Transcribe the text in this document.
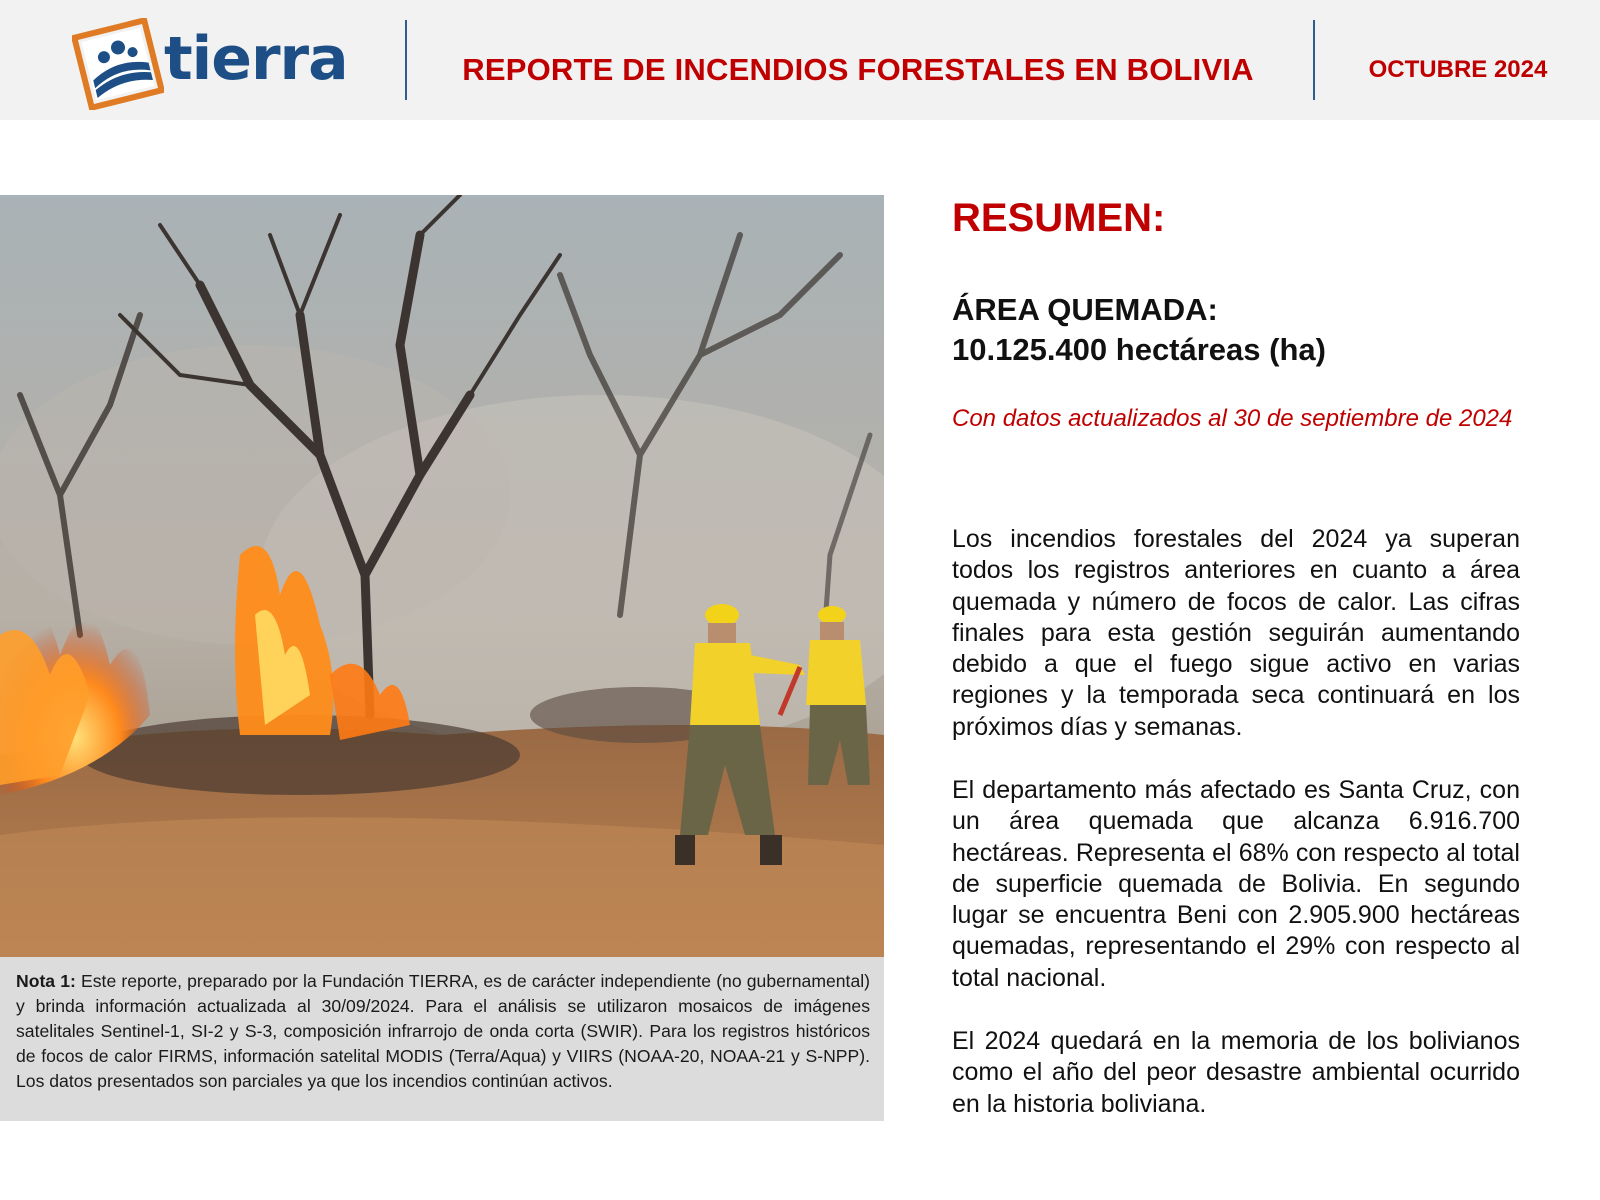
tierra	REPORTE DE INCENDIOS FORESTALES EN BOLIVIA	OCTUBRE 2024
Nota 1: Este reporte, preparado por la Fundación TIERRA, es de carácter independiente (no gubernamental) y brinda información actualizada al 30/09/2024. Para el análisis se utilizaron mosaicos de imágenes satelitales Sentinel-1, SI-2 y S-3, composición infrarrojo de onda corta (SWIR). Para los registros históricos de focos de calor FIRMS, información satelital MODIS (Terra/Aqua) y VIIRS (NOAA-20, NOAA-21 y S-NPP). Los datos presentados son parciales ya que los incendios continúan activos.
RESUMEN:
ÁREA QUEMADA:
10.125.400 hectáreas (ha)
Con datos actualizados al 30 de septiembre de 2024
Los incendios forestales del 2024 ya superan todos los registros anteriores en cuanto a área quemada y número de focos de calor. Las cifras finales para esta gestión seguirán aumentando debido a que el fuego sigue activo en varias regiones y la temporada seca continuará en los próximos días y semanas.
El departamento más afectado es Santa Cruz, con un área quemada que alcanza 6.916.700 hectáreas. Representa el 68% con respecto al total de superficie quemada de Bolivia. En segundo lugar se encuentra Beni con 2.905.900 hectáreas quemadas, representando el 29% con respecto al total nacional.
El 2024 quedará en la memoria de los bolivianos como el año del peor desastre ambiental ocurrido en la historia boliviana.
